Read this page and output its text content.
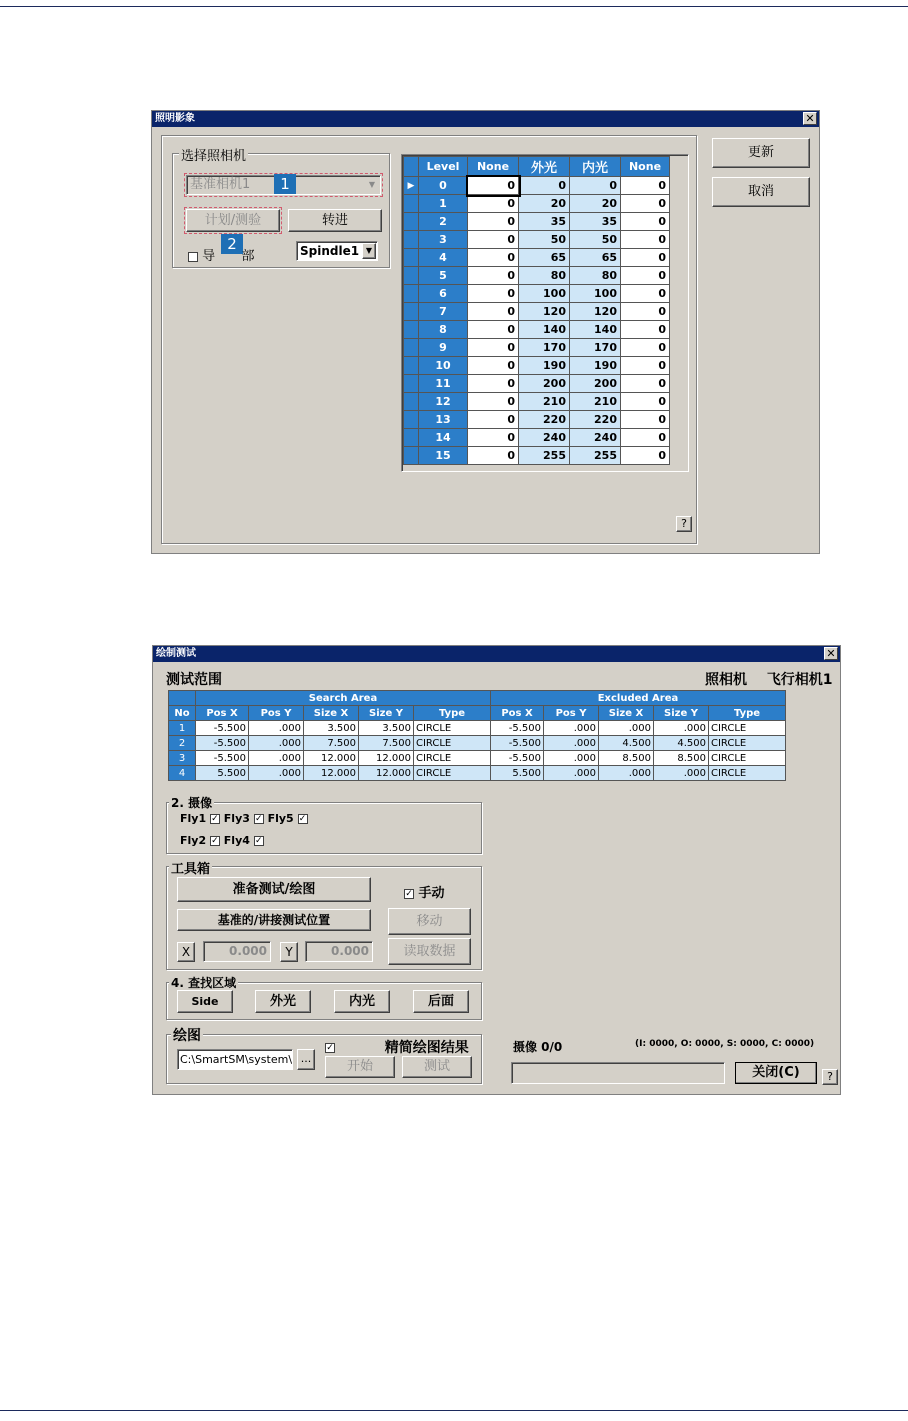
照明影象	✕
选择照相机
基准相机1	▼
1
计划/测验
2
转进
导 部	Spindle1 ▼
	Level	None	外光	内光	None
▶	0	0	0	0	0
	1	0	20	20	0
	2	0	35	35	0
	3	0	50	50	0
	4	0	65	65	0
	5	0	80	80	0
	6	0	100	100	0
	7	0	120	120	0
	8	0	140	140	0
	9	0	170	170	0
	10	0	190	190	0
	11	0	200	200	0
	12	0	210	210	0
	13	0	220	220	0
	14	0	240	240	0
	15	0	255	255	0
更新
取消
?
绘制测试	✕
测试范围	照相机 飞行相机1
	Search Area					Excluded Area				
No	Pos X	Pos Y	Size X	Size Y	Type	Pos X	Pos Y	Size X	Size Y	Type
1	-5.500	.000	3.500	3.500	CIRCLE	-5.500	.000	.000	.000	CIRCLE
2	-5.500	.000	7.500	7.500	CIRCLE	-5.500	.000	4.500	4.500	CIRCLE
3	-5.500	.000	12.000	12.000	CIRCLE	-5.500	.000	8.500	8.500	CIRCLE
4	5.500	.000	12.000	12.000	CIRCLE	5.500	.000	.000	.000	CIRCLE
2. 摄像
Fly1 ✓ Fly3 ✓ Fly5 ✓
Fly2 ✓ Fly4 ✓
工具箱
准备测试/绘图	✓ 手动
基准的/讲接测试位置	移动
X	0.000	Y	0.000	读取数据
4. 查找区域
Side	外光	内光	后面
绘图
C:\SmartSM\system\ ...
✓	精简绘图结果
开始	测试
摄像 0/0	(I: 0000, O: 0000, S: 0000, C: 0000)
关闭(C)	?
